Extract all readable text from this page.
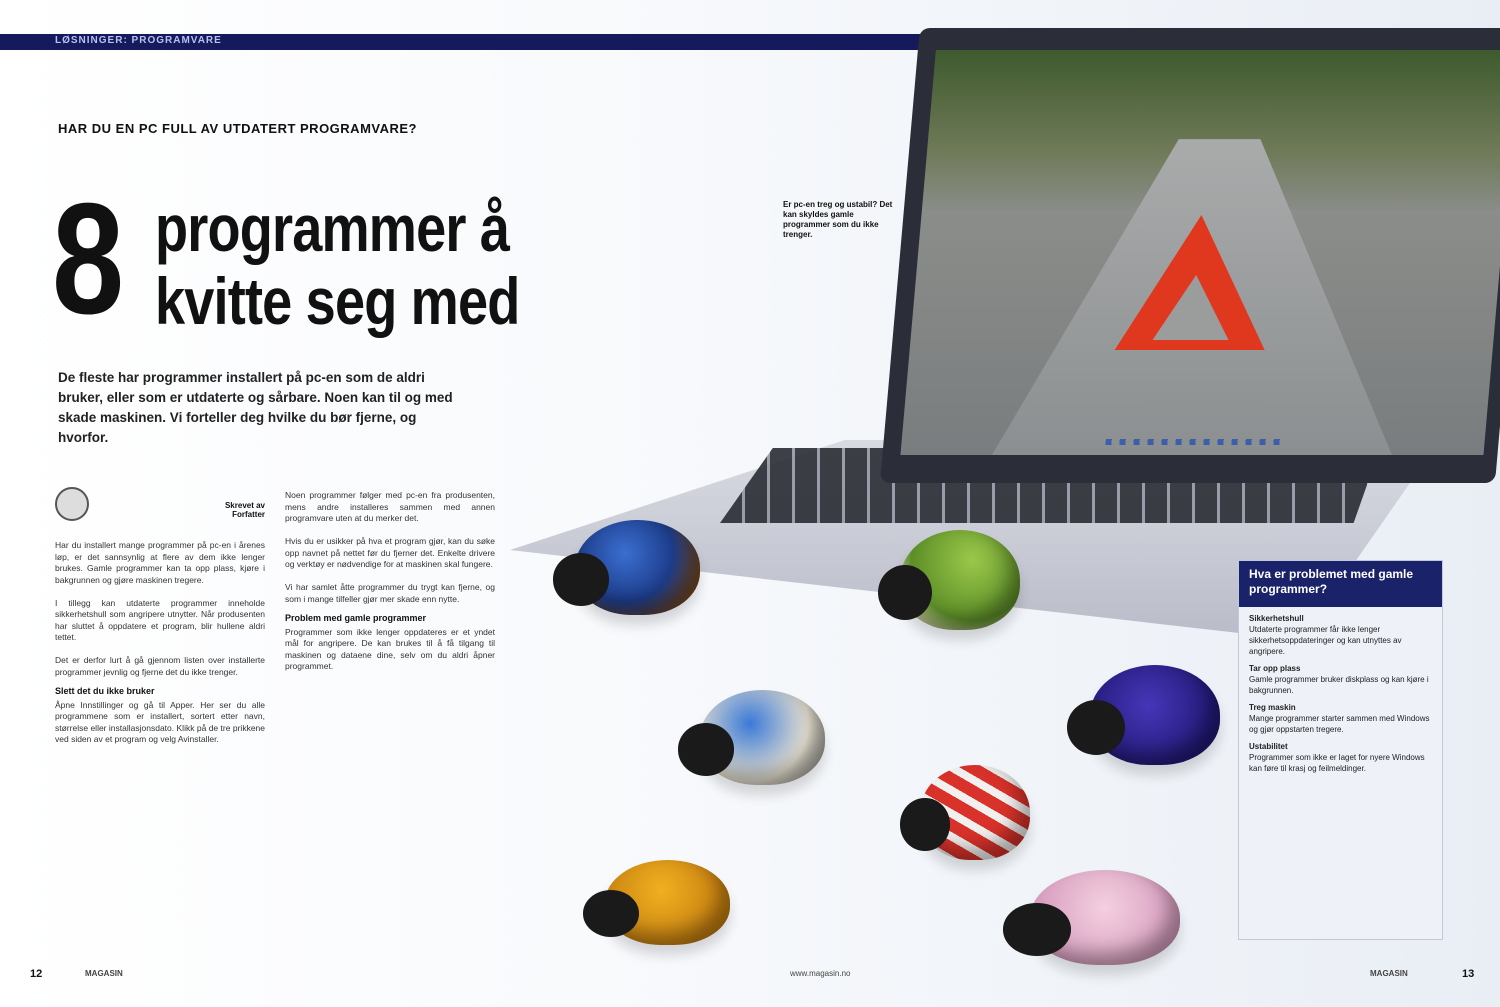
LØSNINGER: PROGRAMVARE
HAR DU EN PC FULL AV UTDATERT PROGRAMVARE?
8 programmer å
kvitte seg med
De fleste har programmer installert på pc-en som de aldri bruker, eller som er utdaterte og sårbare. Noen kan til og med skade maskinen. Vi forteller deg hvilke du bør fjerne, og hvorfor.
Skrevet av
Forfatter

Har du installert mange programmer på pc-en i årenes løp, er det sannsynlig at flere av dem ikke lenger brukes. Gamle programmer kan ta opp plass, kjøre i bakgrunnen og gjøre maskinen tregere.

I tillegg kan utdaterte programmer inneholde sikkerhetshull som angripere utnytter. Når produsenten har sluttet å oppdatere et program, blir hullene aldri tettet.

Det er derfor lurt å gå gjennom listen over installerte programmer jevnlig og fjerne det du ikke trenger.

Slett det du ikke bruker

Åpne Innstillinger og gå til Apper. Her ser du alle programmene som er installert, sortert etter navn, størrelse eller installasjonsdato. Klikk på de tre prikkene ved siden av et program og velg Avinstaller.

Noen programmer følger med pc-en fra produsenten, mens andre installeres sammen med annen programvare uten at du merker det.

Hvis du er usikker på hva et program gjør, kan du søke opp navnet på nettet før du fjerner det. Enkelte drivere og verktøy er nødvendige for at maskinen skal fungere.

Vi har samlet åtte programmer du trygt kan fjerne, og som i mange tilfeller gjør mer skade enn nytte.

Problem med gamle programmer

Programmer som ikke lenger oppdateres er et yndet mål for angripere. De kan brukes til å få tilgang til maskinen og dataene dine, selv om du aldri åpner programmet.

Er pc-en treg og ustabil? Det kan skyldes gamle programmer som du ikke trenger.
Hva er problemet med gamle programmer?
Sikkerhetshull
Utdaterte programmer får ikke lenger sikkerhetsoppdateringer og kan utnyttes av angripere.
Tar opp plass
Gamle programmer bruker diskplass og kan kjøre i bakgrunnen.
Treg maskin
Mange programmer starter sammen med Windows og gjør oppstarten tregere.
Ustabilitet
Programmer som ikke er laget for nyere Windows kan føre til krasj og feilmeldinger.
12	MAGASIN	www.magasin.no	MAGASIN	13
